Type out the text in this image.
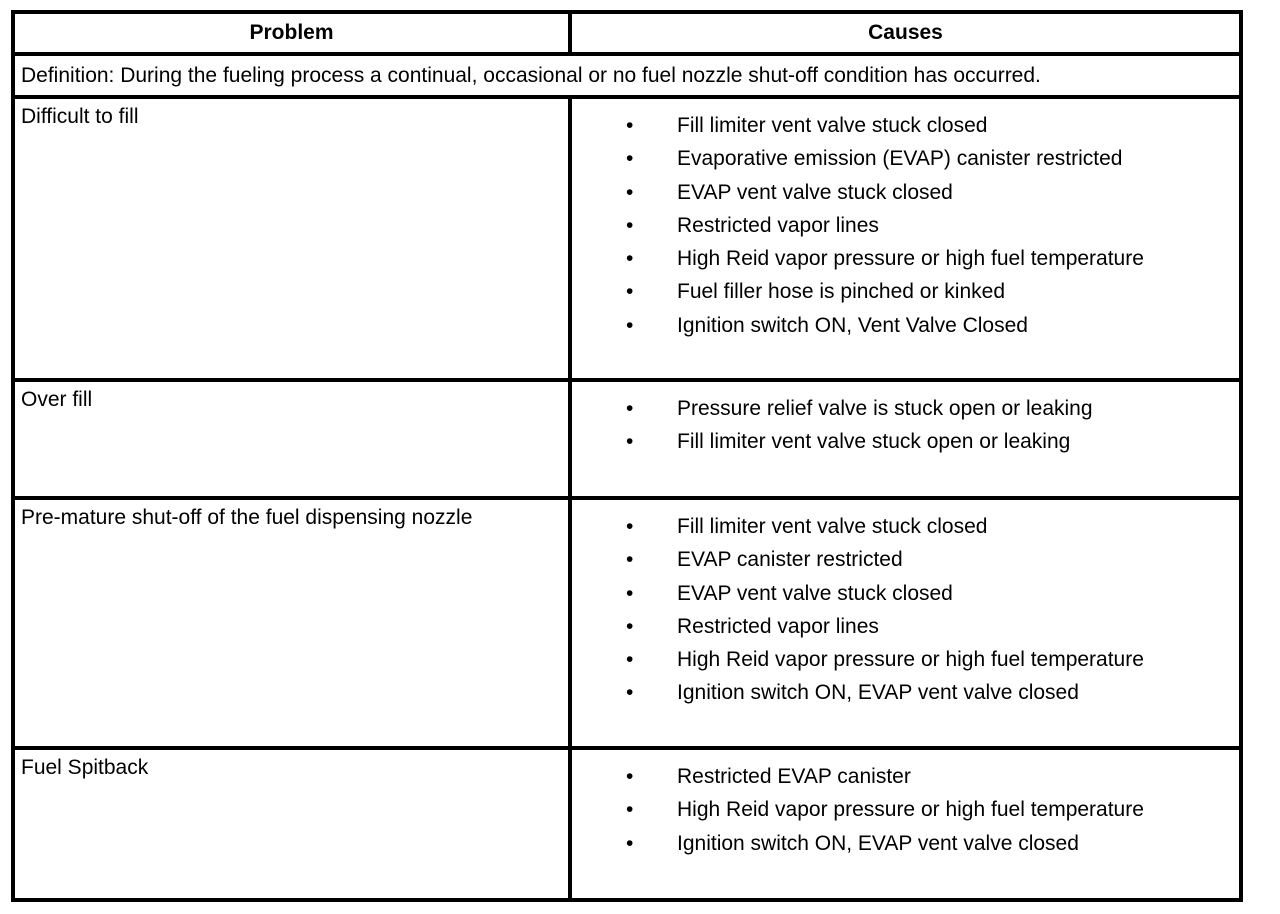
Problem	Causes
Definition: During the fueling process a continual, occasional or no fuel nozzle shut-off condition has occurred.
Difficult to fill	• Fill limiter vent valve stuck closed
• Evaporative emission (EVAP) canister restricted
• EVAP vent valve stuck closed
• Restricted vapor lines
• High Reid vapor pressure or high fuel temperature
• Fuel filler hose is pinched or kinked
• Ignition switch ON, Vent Valve Closed
Over fill	• Pressure relief valve is stuck open or leaking
• Fill limiter vent valve stuck open or leaking
Pre-mature shut-off of the fuel dispensing nozzle	• Fill limiter vent valve stuck closed
• EVAP canister restricted
• EVAP vent valve stuck closed
• Restricted vapor lines
• High Reid vapor pressure or high fuel temperature
• Ignition switch ON, EVAP vent valve closed
Fuel Spitback	• Restricted EVAP canister
• High Reid vapor pressure or high fuel temperature
• Ignition switch ON, EVAP vent valve closed
